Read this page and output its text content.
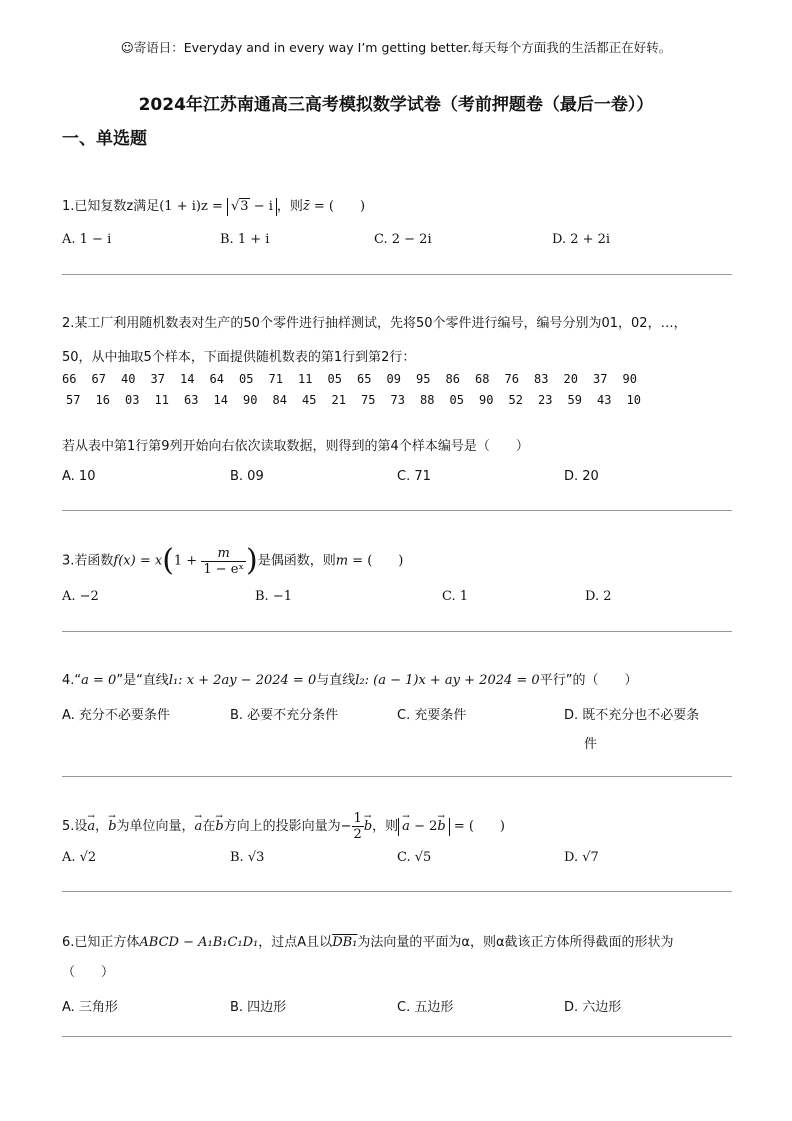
☺寄语日：Everyday and in every way I’m getting better.每天每个方面我的生活都正在好转。
2024年江苏南通高三高考模拟数学试卷（考前押题卷（最后一卷））
一、单选题
1.已知复数z满足(1 + i)z = √3 − i ，则z̄ = (　　)
A. 1 − i	B. 1 + i	C. 2 − 2i	D. 2 + 2i
2.某工厂利用随机数表对生产的50个零件进行抽样测试，先将50个零件进行编号，编号分别为01，02，…，
50，从中抽取5个样本，下面提供随机数表的第1行到第2行：
66 67 40 37 14 64 05 71 11 05 65 09 95 86 68 76 83 20 37 90
57 16 03 11 63 14 90 84 45 21 75 73 88 05 90 52 23 59 43 10
若从表中第1行第9列开始向右依次读取数据，则得到的第4个样本编号是（　　）
A. 10	B. 09	C. 71	D. 20
3.若函数$f(x) = x(1 + \frac{m}{\text{1 − eˣ}}$ )是偶函数，则m = (　　)
A. −2	B. −1	C. 1	D. 2
4.“a = 0”是“直线l₁: x + 2ay − 2024 = 0与直线l₂: (a − 1)x + ay + 2024 = 0平行”的（　　）
A. 充分不必要条件	B. 必要不充分条件	C. 充要条件	D. 既不充分也不必要条
件
5.设a →，b →为单位向量，a →在b →方向上的投影向量为− $\frac{1}{2}$ b →，则 a → − 2b → = (　　)
A. √2	B. √3	C. √5	D. √7
6.已知正方体ABCD − A₁B₁C₁D₁，过点A且以DB₁为法向量的平面为α，则α截该正方体所得截面的形状为
（　　）
A. 三角形	B. 四边形	C. 五边形	D. 六边形
